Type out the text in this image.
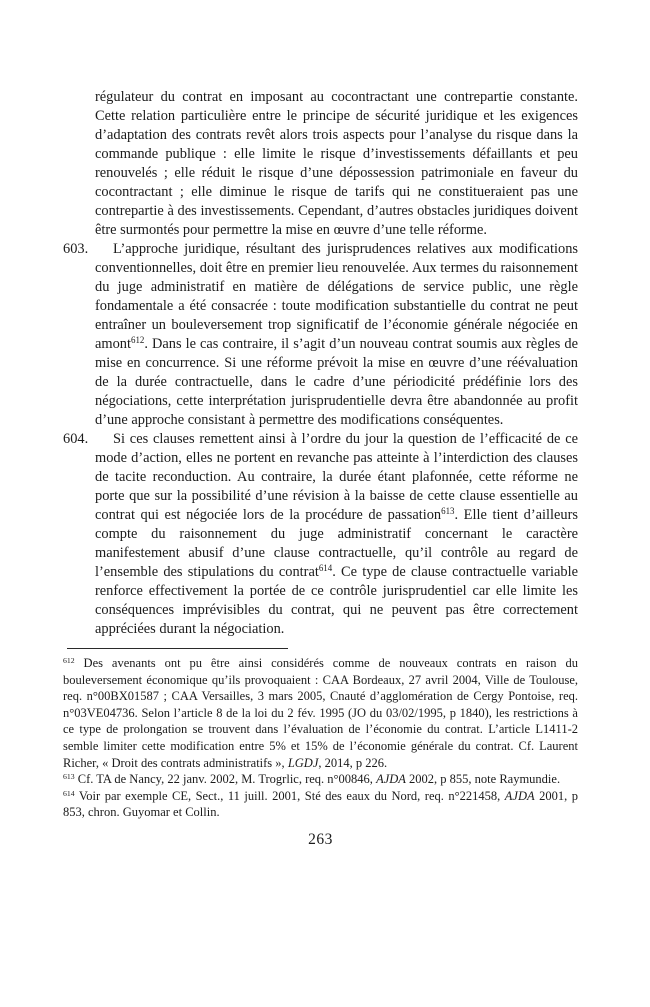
régulateur du contrat en imposant au cocontractant une contrepartie constante. Cette relation particulière entre le principe de sécurité juridique et les exigences d’adaptation des contrats revêt alors trois aspects pour l’analyse du risque dans la commande publique : elle limite le risque d’investissements défaillants et peu renouvelés ; elle réduit le risque d’une dépossession patrimoniale en faveur du cocontractant ; elle diminue le risque de tarifs qui ne constitueraient pas une contrepartie à des investissements. Cependant, d’autres obstacles juridiques doivent être surmontés pour permettre la mise en œuvre d’une telle réforme.

603. L’approche juridique, résultant des jurisprudences relatives aux modifications conventionnelles, doit être en premier lieu renouvelée. Aux termes du raisonnement du juge administratif en matière de délégations de service public, une règle fondamentale a été consacrée : toute modification substantielle du contrat ne peut entraîner un bouleversement trop significatif de l’économie générale négociée en amont$^{612}$. Dans le cas contraire, il s’agit d’un nouveau contrat soumis aux règles de mise en concurrence. Si une réforme prévoit la mise en œuvre d’une réévaluation de la durée contractuelle, dans le cadre d’une périodicité prédéfinie lors des négociations, cette interprétation jurisprudentielle devra être abandonnée au profit d’une approche consistant à permettre des modifications conséquentes.

604. Si ces clauses remettent ainsi à l’ordre du jour la question de l’efficacité de ce mode d’action, elles ne portent en revanche pas atteinte à l’interdiction des clauses de tacite reconduction. Au contraire, la durée étant plafonnée, cette réforme ne porte que sur la possibilité d’une révision à la baisse de cette clause essentielle au contrat qui est négociée lors de la procédure de passation$^{613}$. Elle tient d’ailleurs compte du raisonnement du juge administratif concernant le caractère manifestement abusif d’une clause contractuelle, qu’il contrôle au regard de l’ensemble des stipulations du contrat$^{614}$. Ce type de clause contractuelle variable renforce effectivement la portée de ce contrôle jurisprudentiel car elle limite les conséquences imprévisibles du contrat, qui ne peuvent pas être correctement appréciées durant la négociation.

$^{612}$ Des avenants ont pu être ainsi considérés comme de nouveaux contrats en raison du bouleversement économique qu’ils provoquaient : CAA Bordeaux, 27 avril 2004, Ville de Toulouse, req. n°00BX01587 ; CAA Versailles, 3 mars 2005, Cnauté d’agglomération de Cergy Pontoise, req. n°03VE04736. Selon l’article 8 de la loi du 2 fév. 1995 (JO du 03/02/1995, p 1840), les restrictions à ce type de prolongation se trouvent dans l’évaluation de l’économie du contrat. L’article L1411-2 semble limiter cette modification entre 5% et 15% de l’économie générale du contrat. Cf. Laurent Richer, « Droit des contrats administratifs », LGDJ, 2014, p 226.

$^{613}$ Cf. TA de Nancy, 22 janv. 2002, M. Trogrlic, req. n°00846, AJDA 2002, p 855, note Raymundie.

$^{614}$ Voir par exemple CE, Sect., 11 juill. 2001, Sté des eaux du Nord, req. n°221458, AJDA 2001, p 853, chron. Guyomar et Collin.

263
